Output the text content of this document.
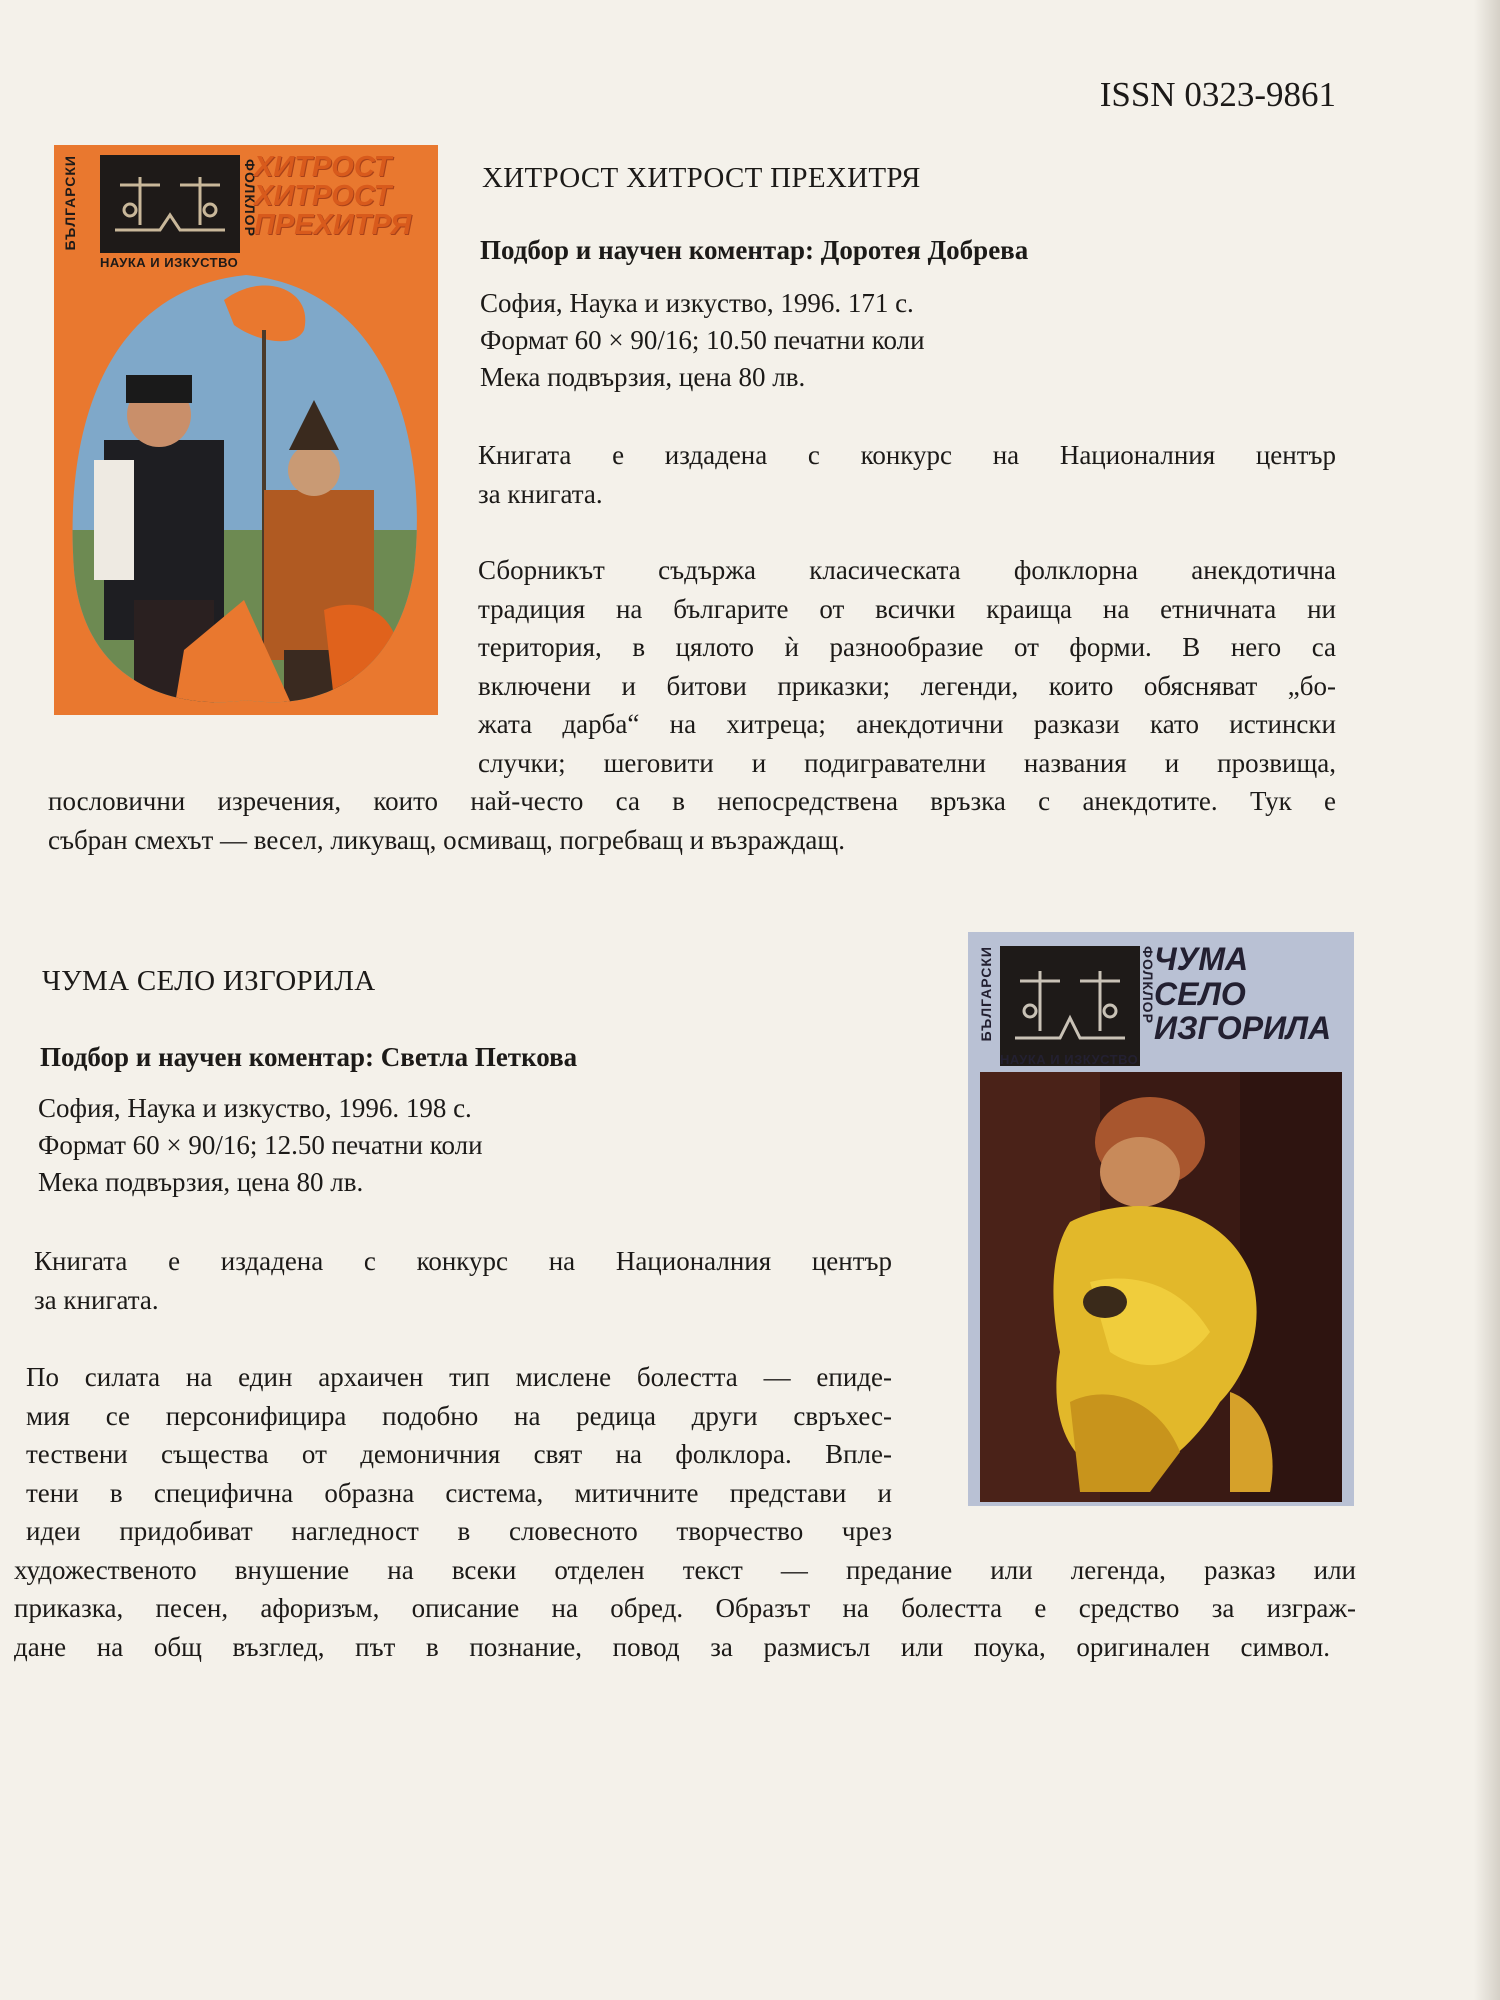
ISSN 0323-9861
БЪЛГАРСКИ	ФОЛКЛОР
НАУКА И ИЗКУСТВО
ХИТРОСТ
ХИТРОСТ
ПРЕХИТРЯ
ХИТРОСТ ХИТРОСТ ПРЕХИТРЯ
Подбор и научен коментар: Доротея Добрева
София, Наука и изкуство, 1996. 171 с.
Формат 60 × 90/16; 10.50 печатни коли
Мека подвързия, цена 80 лв.
Книгата е издадена с конкурс на Националния център
за книгата.
Сборникът съдържа класическата фолклорна анекдотична
традиция на българите от всички краища на етничната ни
територия, в цялото ѝ разнообразие от форми. В него са
включени и битови приказки; легенди, които обясняват „бо-
жата дарба“ на хитреца; анекдотични разкази като истински
случки; шеговити и подигравателни названия и прозвища,
пословични изречения, които най-често са в непосредствена връзка с анекдотите. Тук е
събран смехът — весел, ликуващ, осмиващ, погребващ и възраждащ.
БЪЛГАРСКИ	ФОЛКЛОР
НАУКА И ИЗКУСТВО
ЧУМА
СЕЛО
ИЗГОРИЛА
ЧУМА СЕЛО ИЗГОРИЛА
Подбор и научен коментар: Светла Петкова
София, Наука и изкуство, 1996. 198 с.
Формат 60 × 90/16; 12.50 печатни коли
Мека подвързия, цена 80 лв.
Книгата е издадена с конкурс на Националния център
за книгата.
По силата на един архаичен тип мислене болестта — епиде-
мия се персонифицира подобно на редица други свръхес-
тествени същества от демоничния свят на фолклора. Впле-
тени в специфична образна система, митичните представи и
идеи придобиват нагледност в словесното творчество чрез
художественото внушение на всеки отделен текст — предание или легенда, разказ или
приказка, песен, афоризъм, описание на обред. Образът на болестта е средство за изграж-
дане на общ възглед, път в познание, повод за размисъл или поука, оригинален символ.
